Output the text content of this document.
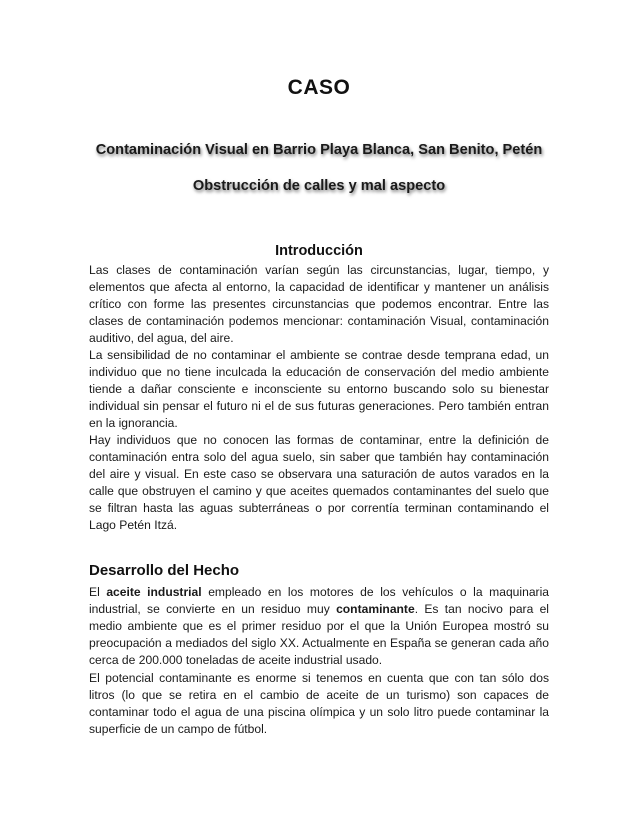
CASO
Contaminación Visual en Barrio Playa Blanca, San Benito, Petén
Obstrucción de calles y mal aspecto
Introducción

Las clases de contaminación varían según las circunstancias, lugar, tiempo, y elementos que afecta al entorno, la capacidad de identificar y mantener un análisis crítico con forme las presentes circunstancias que podemos encontrar. Entre las clases de contaminación podemos mencionar: contaminación Visual, contaminación auditivo, del agua, del aire.

La sensibilidad de no contaminar el ambiente se contrae desde temprana edad, un individuo que no tiene inculcada la educación de conservación del medio ambiente tiende a dañar consciente e inconsciente su entorno buscando solo su bienestar individual sin pensar el futuro ni el de sus futuras generaciones. Pero también entran en la ignorancia.

Hay individuos que no conocen las formas de contaminar, entre la definición de contaminación entra solo del agua suelo, sin saber que también hay contaminación del aire y visual. En este caso se observara una saturación de autos varados en la calle que obstruyen el camino y que aceites quemados contaminantes del suelo que se filtran hasta las aguas subterráneas o por correntía terminan contaminando el Lago Petén Itzá.

Desarrollo del Hecho

El aceite industrial empleado en los motores de los vehículos o la maquinaria industrial, se convierte en un residuo muy contaminante. Es tan nocivo para el medio ambiente que es el primer residuo por el que la Unión Europea mostró su preocupación a mediados del siglo XX. Actualmente en España se generan cada año cerca de 200.000 toneladas de aceite industrial usado.

El potencial contaminante es enorme si tenemos en cuenta que con tan sólo dos litros (lo que se retira en el cambio de aceite de un turismo) son capaces de contaminar todo el agua de una piscina olímpica y un solo litro puede contaminar la superficie de un campo de fútbol.
